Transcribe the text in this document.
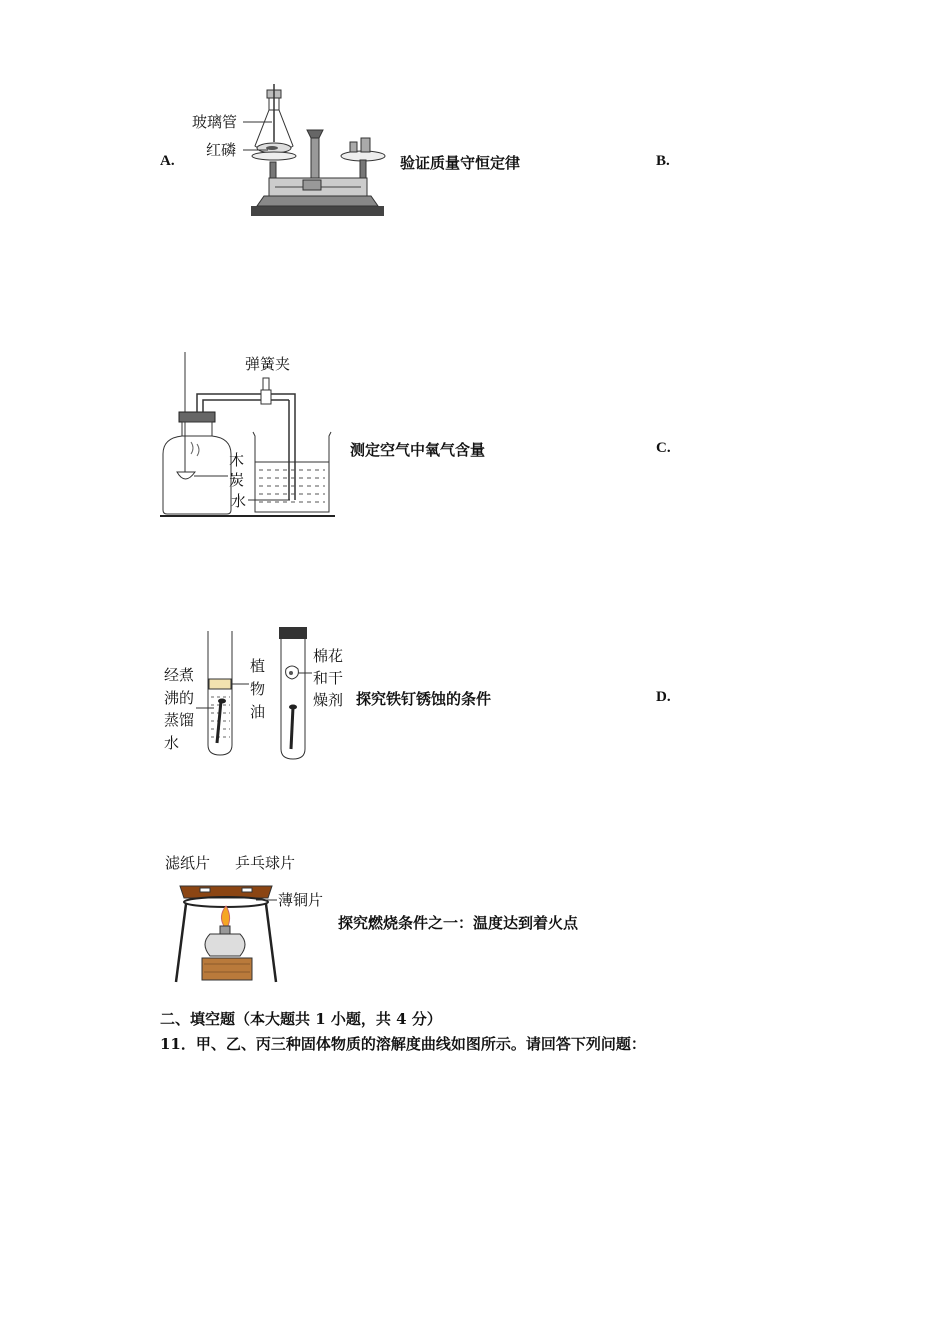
A.
玻璃管
红磷
验证质量守恒定律	B.
弹簧夹
木
炭
水
测定空气中氧气含量	C.
经煮
沸的
蒸馏
水
植
物
油
棉花
和干
燥剂 探究铁钉锈蚀的条件	D.
滤纸片 乒乓球片
薄铜片
探究燃烧条件之一：温度达到着火点
二、填空题（本大题共 1 小题，共 4 分）
11．甲、乙、丙三种固体物质的溶解度曲线如图所示。请回答下列问题：
